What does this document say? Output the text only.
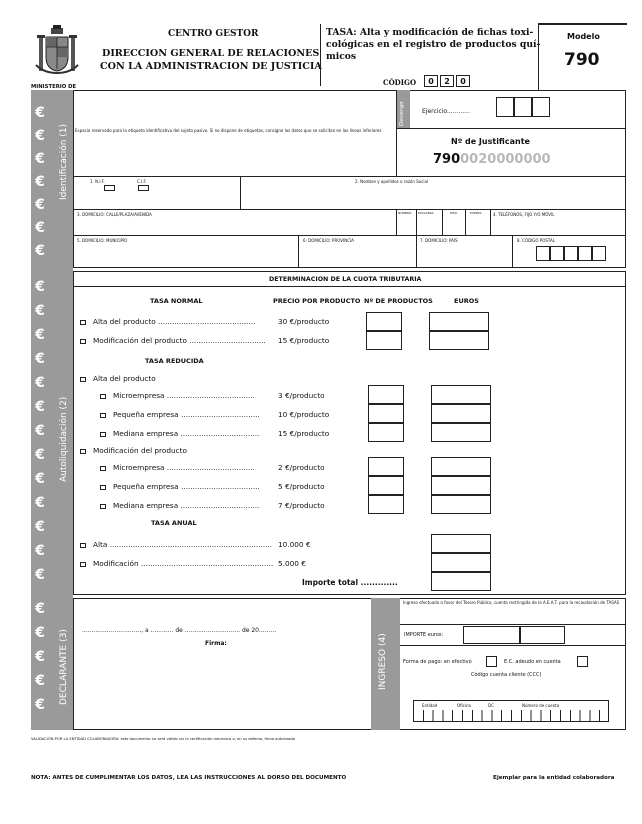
MINISTERIO DE
CENTRO GESTOR
DIRECCION GENERAL DE RELACIONES
CON LA ADMINISTRACION DE JUSTICIA
TASA: Alta y modificación de fichas toxi-
cológicas en el registro de productos quí-
micos
CÓDIGO	0	2	0
Modelo
790
€
€
€
€
€
€
€
€
€
€
€
€
€
€
€
€
€
€
€
€
€
€
€
€
€
Identificación (1)
Autoliquidación (2)
DECLARANTE (3)
Espacio reservado para la etiqueta identificativa del sujeto pasivo. Si no dispone de etiquetas, consigne los datos que se solicitan en las líneas inferiores
Devengo	Ejercicio............
Nº de Justificante
7900020000000
1. N.I.F.	C.I.F.	2. Nombre y apellidos o razón Social
3. DOMICILIO: CALLE/PLAZA/AVENIDA	NÚMERO ESCALERA	PISO	PUERTA	4. TELÉFONOS, FIJO Y/O MÓVIL
5. DOMICILIO: MUNICIPIO	6. DOMICILIO: PROVINCIA	7. DOMICILIO: PAÍS	8. CÓDIGO POSTAL
DETERMINACION DE LA CUOTA TRIBUTARIA
TASA NORMAL	PRECIO POR PRODUCTO Nº DE PRODUCTOS	EUROS
Alta del producto ..........................................	30 €/producto
Modificación del producto ................................. 15 €/producto
TASA REDUCIDA
Alta del producto
Microempresa ......................................	3 €/producto
Pequeña empresa .................................. 10 €/producto
Mediana empresa ..................................	15 €/producto
Modificación del producto
Microempresa ......................................	2 €/producto
Pequeña empresa .................................. 5 €/producto
Mediana empresa ..................................	7 €/producto
TASA ANUAL
Alta ...................................................................... 10.000 €
Modificación ......................................................... 5.000 €
Importe total .............
..............................., a ............ de ............................. de 20.........
Firma:	INGRESO (4)
Ingreso efectuado a favor del Tesoro Público, cuenta restringida de la A.E.A.T. para la recaudación de TASAS
IMPORTE euros:
Forma de pago: en efectivo	E.C. adeudo en cuenta
Código cuenta cliente (CCC)
Entidad	Oficina	DC	Número de cuenta
VALIDACIÓN POR LA ENTIDAD COLABORADORA: este documento no será válido sin la certificación mecánica o, en su defecto, firma autorizada
NOTA: ANTES DE CUMPLIMENTAR LOS DATOS, LEA LAS INSTRUCCIONES AL DORSO DEL DOCUMENTO	Ejemplar para la entidad colaboradora
